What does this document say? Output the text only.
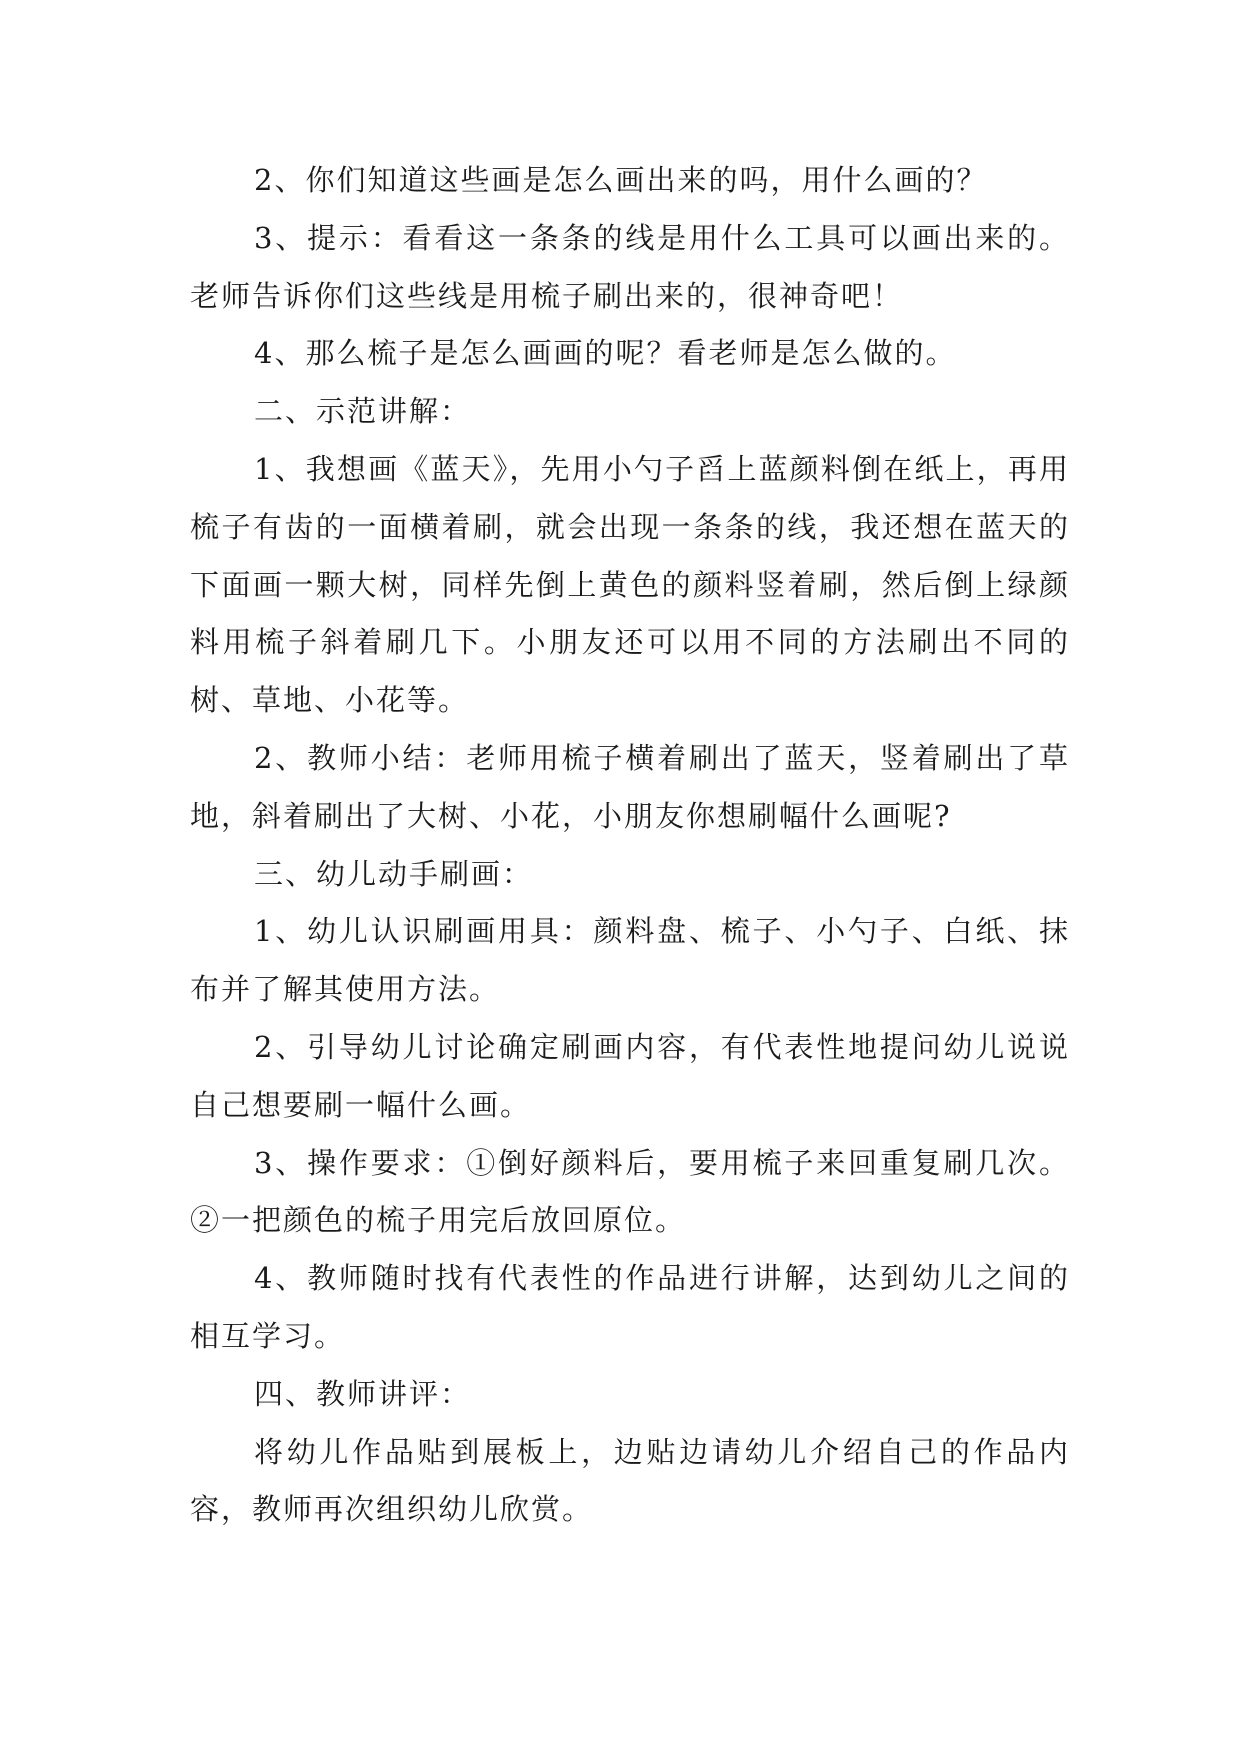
2、你们知道这些画是怎么画出来的吗，用什么画的？

3、提示：看看这一条条的线是用什么工具可以画出来的。老师告诉你们这些线是用梳子刷出来的，很神奇吧！

4、那么梳子是怎么画画的呢？看老师是怎么做的。

二、示范讲解：

1、我想画《蓝天》，先用小勺子舀上蓝颜料倒在纸上，再用梳子有齿的一面横着刷，就会出现一条条的线，我还想在蓝天的下面画一颗大树，同样先倒上黄色的颜料竖着刷，然后倒上绿颜料用梳子斜着刷几下。小朋友还可以用不同的方法刷出不同的树、草地、小花等。

2、教师小结：老师用梳子横着刷出了蓝天，竖着刷出了草地，斜着刷出了大树、小花，小朋友你想刷幅什么画呢?

三、幼儿动手刷画：

1、幼儿认识刷画用具：颜料盘、梳子、小勺子、白纸、抹布并了解其使用方法。

2、引导幼儿讨论确定刷画内容，有代表性地提问幼儿说说自己想要刷一幅什么画。

3、操作要求：①倒好颜料后，要用梳子来回重复刷几次。②一把颜色的梳子用完后放回原位。

4、教师随时找有代表性的作品进行讲解，达到幼儿之间的相互学习。

四、教师讲评：

将幼儿作品贴到展板上，边贴边请幼儿介绍自己的作品内容，教师再次组织幼儿欣赏。
